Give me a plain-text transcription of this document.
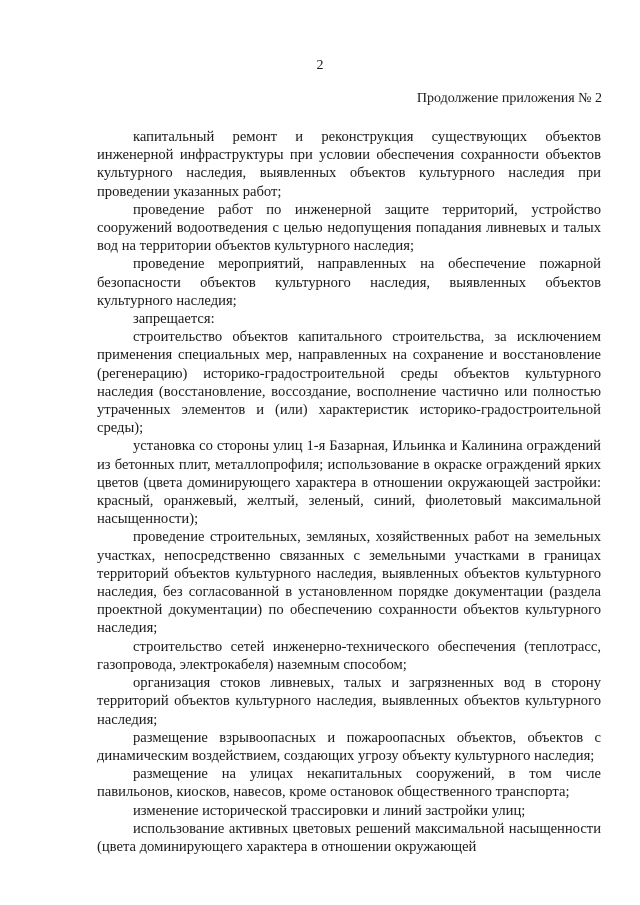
2
Продолжение приложения № 2

капитальный ремонт и реконструкция существующих объектов инженерной инфраструктуры при условии обеспечения сохранности объектов культурного наследия, выявленных объектов культурного наследия при проведении указанных работ;

проведение работ по инженерной защите территорий, устройство сооружений водоотведения с целью недопущения попадания ливневых и талых вод на территории объектов культурного наследия;

проведение мероприятий, направленных на обеспечение пожарной безопасности объектов культурного наследия, выявленных объектов культурного наследия;

запрещается:

строительство объектов капитального строительства, за исключением применения специальных мер, направленных на сохранение и восстановление (регенерацию) историко-градостроительной среды объектов культурного наследия (восстановление, воссоздание, восполнение частично или полностью утраченных элементов и (или) характеристик историко-градостроительной среды);

установка со стороны улиц 1-я Базарная, Ильинка и Калинина ограждений из бетонных плит, металлопрофиля; использование в окраске ограждений ярких цветов (цвета доминирующего характера в отношении окружающей застройки: красный, оранжевый, желтый, зеленый, синий, фиолетовый максимальной насыщенности);

проведение строительных, земляных, хозяйственных работ на земельных участках, непосредственно связанных с земельными участками в границах территорий объектов культурного наследия, выявленных объектов культурного наследия, без согласованной в установленном порядке документации (раздела проектной документации) по обеспечению сохранности объектов культурного наследия;

строительство сетей инженерно-технического обеспечения (теплотрасс, газопровода, электрокабеля) наземным способом;

организация стоков ливневых, талых и загрязненных вод в сторону территорий объектов культурного наследия, выявленных объектов культурного наследия;

размещение взрывоопасных и пожароопасных объектов, объектов с динамическим воздействием, создающих угрозу объекту культурного наследия;

размещение на улицах некапитальных сооружений, в том числе павильонов, киосков, навесов, кроме остановок общественного транспорта;

изменение исторической трассировки и линий застройки улиц;

использование активных цветовых решений максимальной насыщенности (цвета доминирующего характера в отношении окружающей
